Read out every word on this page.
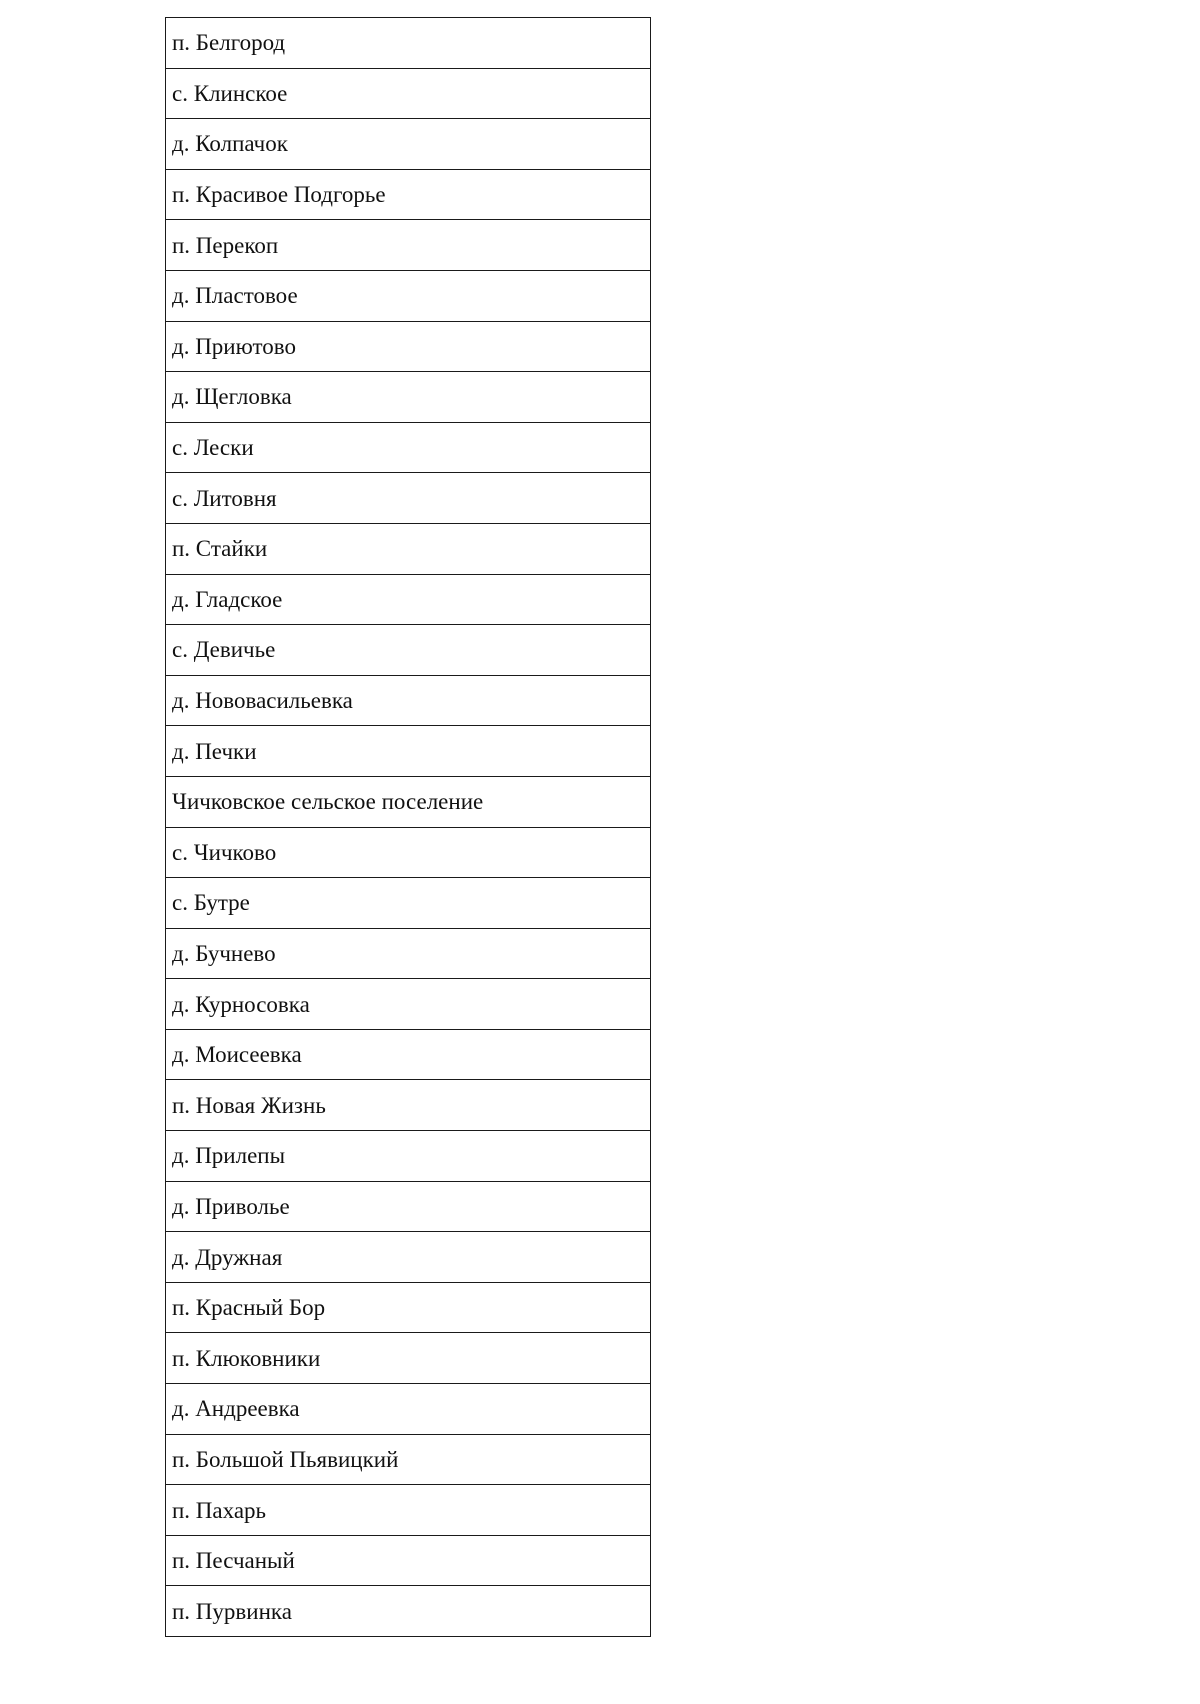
п. Белгород
с. Клинское
д. Колпачок
п. Красивое Подгорье
п. Перекоп
д. Пластовое
д. Приютово
д. Щегловка
с. Лески
с. Литовня
п. Стайки
д. Гладское
с. Девичье
д. Нововасильевка
д. Печки
Чичковское сельское поселение
с. Чичково
с. Бутре
д. Бучнево
д. Курносовка
д. Моисеевка
п. Новая Жизнь
д. Прилепы
д. Приволье
д. Дружная
п. Красный Бор
п. Клюковники
д. Андреевка
п. Большой Пьявицкий
п. Пахарь
п. Песчаный
п. Пурвинка
